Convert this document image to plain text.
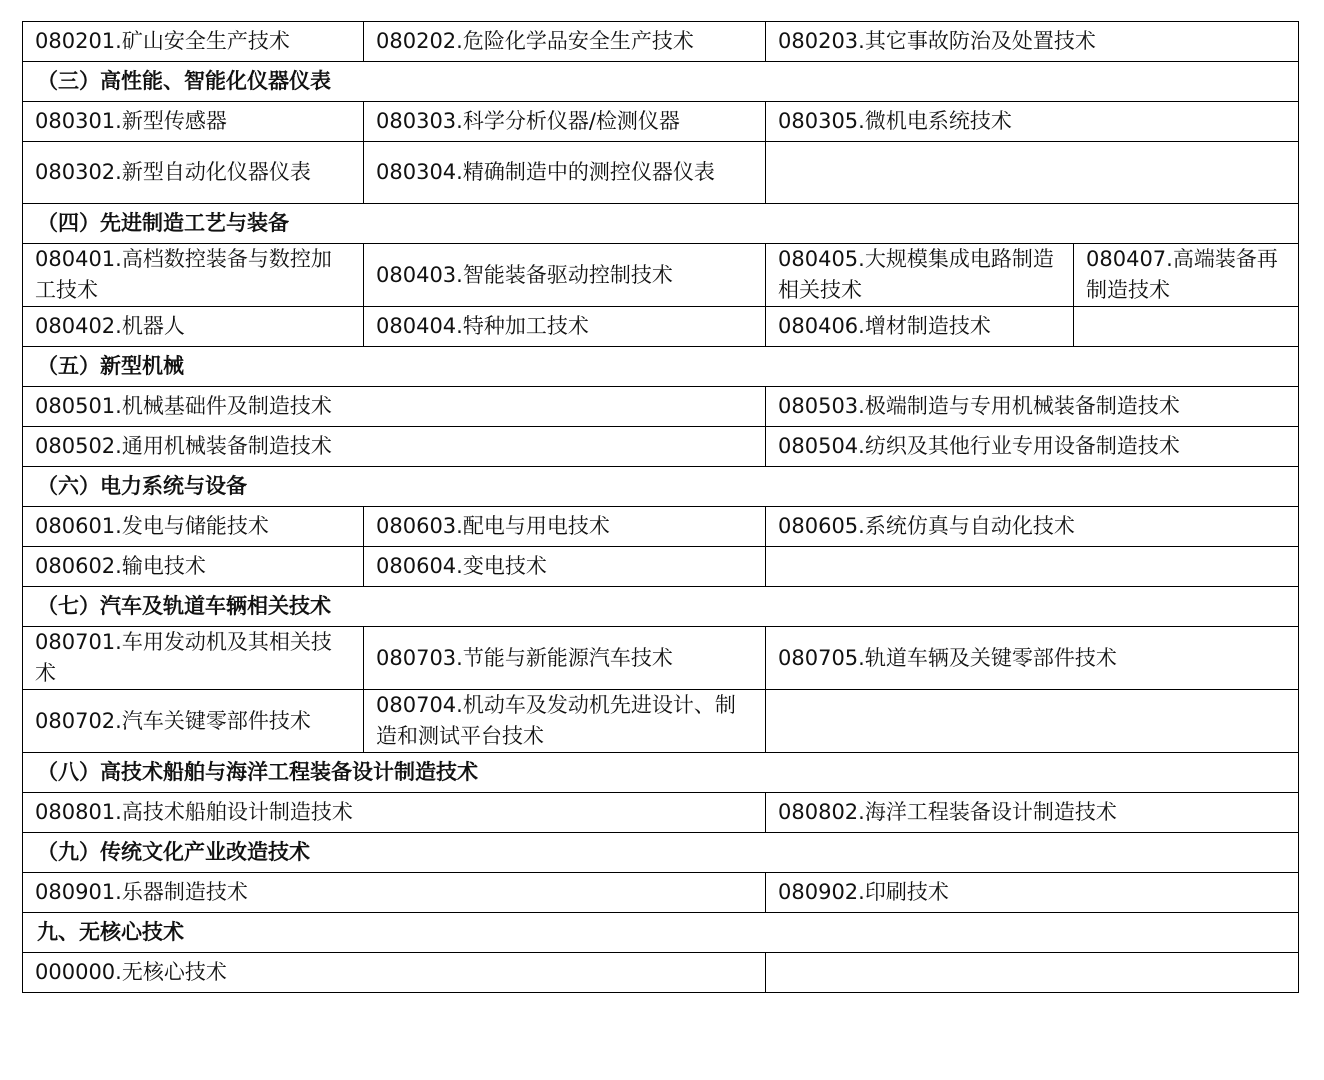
080201.矿山安全生产技术	080202.危险化学品安全生产技术	080203.其它事故防治及处置技术	
（三）高性能、智能化仪器仪表			
080301.新型传感器	080303.科学分析仪器/检测仪器	080305.微机电系统技术	
080302.新型自动化仪器仪表	080304.精确制造中的测控仪器仪表		
（四）先进制造工艺与装备			
080401.高档数控装备与数控加工技术	080403.智能装备驱动控制技术	080405.大规模集成电路制造相关技术	080407.高端装备再制造技术
080402.机器人	080404.特种加工技术	080406.增材制造技术	
（五）新型机械			
080501.机械基础件及制造技术		080503.极端制造与专用机械装备制造技术	
080502.通用机械装备制造技术		080504.纺织及其他行业专用设备制造技术	
（六）电力系统与设备			
080601.发电与储能技术	080603.配电与用电技术	080605.系统仿真与自动化技术	
080602.输电技术	080604.变电技术		
（七）汽车及轨道车辆相关技术			
080701.车用发动机及其相关技术	080703.节能与新能源汽车技术	080705.轨道车辆及关键零部件技术	
080702.汽车关键零部件技术	080704.机动车及发动机先进设计、制造和测试平台技术		
（八）高技术船舶与海洋工程装备设计制造技术			
080801.高技术船舶设计制造技术		080802.海洋工程装备设计制造技术	
（九）传统文化产业改造技术			
080901.乐器制造技术		080902.印刷技术	
九、无核心技术			
000000.无核心技术			
